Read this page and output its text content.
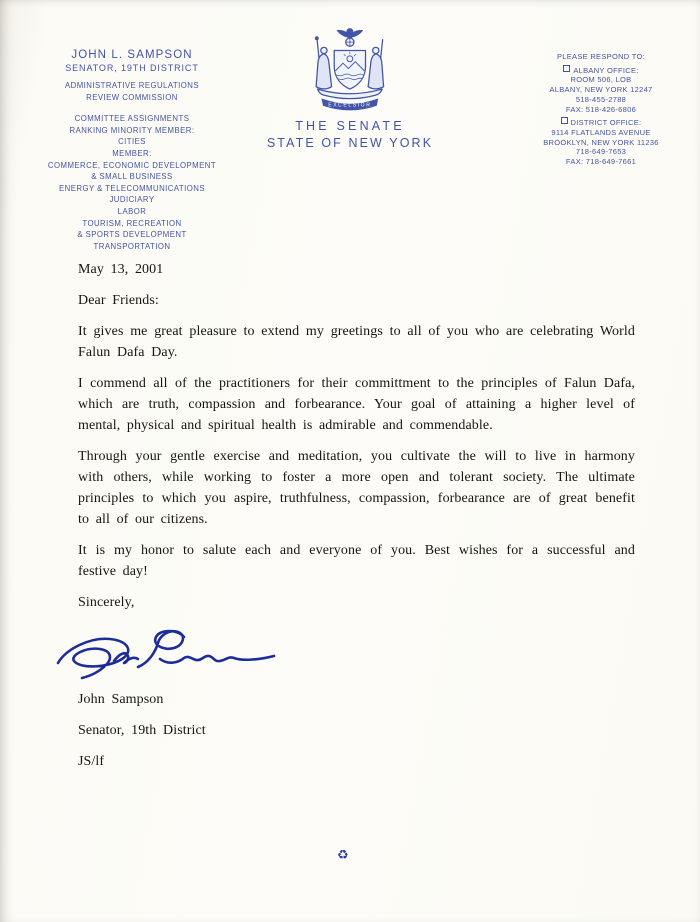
JOHN L. SAMPSON
SENATOR, 19TH DISTRICT
ADMINISTRATIVE REGULATIONS
REVIEW COMMISSION
COMMITTEE ASSIGNMENTS
RANKING MINORITY MEMBER:
CITIES
MEMBER:
COMMERCE, ECONOMIC DEVELOPMENT
& SMALL BUSINESS
ENERGY & TELECOMMUNICATIONS
JUDICIARY
LABOR
TOURISM, RECREATION
& SPORTS DEVELOPMENT
TRANSPORTATION
EXCELSIOR
THE SENATE
STATE OF NEW YORK
PLEASE RESPOND TO:
ALBANY OFFICE:
ROOM 506, LOB
ALBANY, NEW YORK 12247
518-455-2788
FAX: 518-426-6806
DISTRICT OFFICE:
9114 FLATLANDS AVENUE
BROOKLYN, NEW YORK 11236
718-649-7653
FAX: 718-649-7661

May 13, 2001

Dear Friends:

It gives me great pleasure to extend my greetings to all of you who are celebrating World Falun Dafa Day.

I commend all of the practitioners for their committment to the principles of Falun Dafa, which are truth, compassion and forbearance. Your goal of attaining a higher level of mental, physical and spiritual health is admirable and commendable.

Through your gentle exercise and meditation, you cultivate the will to live in harmony with others, while working to foster a more open and tolerant society. The ultimate principles to which you aspire, truthfulness, compassion, forbearance are of great benefit to all of our citizens.

It is my honor to salute each and everyone of you. Best wishes for a successful and festive day!

Sincerely,

John Sampson

Senator, 19th District

JS/lf

♻
